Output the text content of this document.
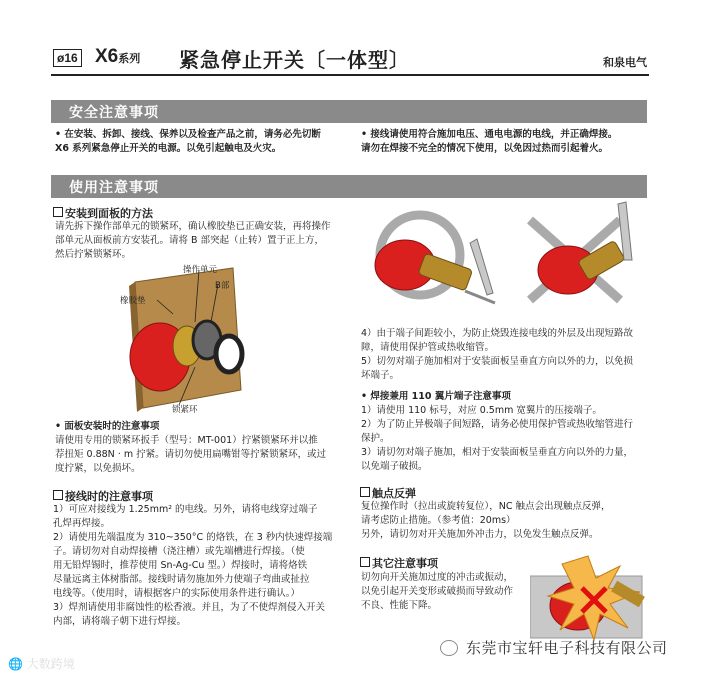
ø16 X6系列 紧急停止开关〔一体型〕	和泉电气
安全注意事项

• 在安装、拆卸、接线、保养以及检查产品之前，请务必先切断

X6 系列紧急停止开关的电源。以免引起触电及火灾。

• 接线请使用符合施加电压、通电电源的电线，并正确焊接。

请勿在焊接不完全的情况下使用，以免因过热而引起着火。

使用注意事项
安装到面板的方法

请先拆下操作部单元的锁紧环，确认橡胶垫已正确安装，再将操作

部单元从面板前方安装孔。请将 B 部突起（止转）置于正上方，

然后拧紧锁紧环。

操作单元
B部
橡胶垫
锁紧环

• 面板安装时的注意事项

请使用专用的锁紧环扳手（型号：MT-001）拧紧锁紧环并以推

荐扭矩 0.88N · m 拧紧。请切勿使用扁嘴钳等拧紧锁紧环，或过

度拧紧，以免损坏。

接线时的注意事项

1）可应对接线为 1.25mm² 的电线。另外，请将电线穿过端子

孔焊再焊接。

2）请使用先端温度为 310~350°C 的烙铁，在 3 秒内快速焊接端

子。请切勿对自动焊接槽（浇注槽）或先端槽进行焊接。（使

用无铅焊锡时，推荐使用 Sn-Ag-Cu 型。）焊接时，请将烙铁

尽量远离主体树脂部。接线时请勿施加外力使端子弯曲或扯拉

电线等。（使用时，请根据客户的实际使用条件进行确认。）

3）焊剂请使用非腐蚀性的松香液。并且，为了不使焊剂侵入开关

内部，请将端子朝下进行焊接。

4）由于端子间距较小，为防止烧毁连接电线的外层及出现短路故

障，请使用保护管或热收缩管。

5）切勿对端子施加相对于安装面板呈垂直方向以外的力，以免损

坏端子。

• 焊接兼用 110 翼片端子注意事项

1）请使用 110 标号，对应 0.5mm 宽翼片的压接端子。

2）为了防止异极端子间短路，请务必使用保护管或热收缩管进行

保护。

3）请切勿对端子施加，相对于安装面板呈垂直方向以外的力量，

以免端子破损。

触点反弹

复位操作时（拉出或旋转复位），NC 触点会出现触点反弹，

请考虑防止措施。（参考值：20ms）

另外，请切勿对开关施加外冲击力，以免发生触点反弹。

其它注意事项

切勿向开关施加过度的冲击或振动，

以免引起开关变形或破损而导致动作

不良、性能下降。

🌐 大数跨境
东莞市宝轩电子科技有限公司
